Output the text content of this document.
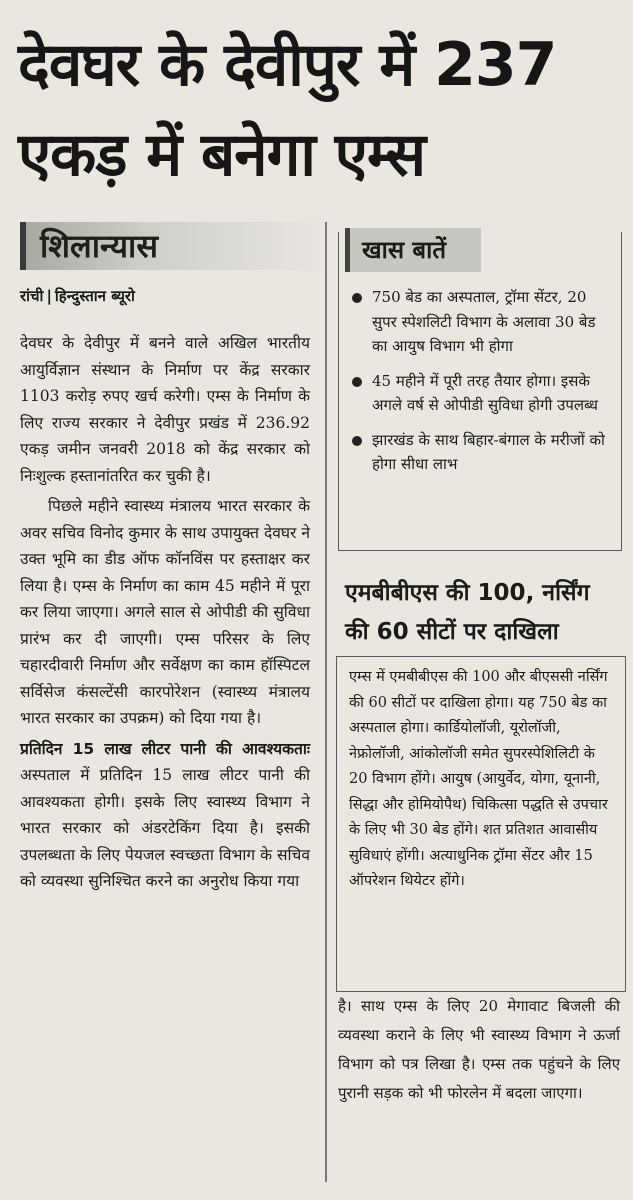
देवघर के देवीपुर में 237 एकड़ में बनेगा एम्स
शिलान्यास
रांची | हिन्दुस्तान ब्यूरो

देवघर के देवीपुर में बनने वाले अखिल भारतीय आयुर्विज्ञान संस्थान के निर्माण पर केंद्र सरकार 1103 करोड़ रुपए खर्च करेगी। एम्स के निर्माण के लिए राज्य सरकार ने देवीपुर प्रखंड में 236.92 एकड़ जमीन जनवरी 2018 को केंद्र सरकार को निःशुल्क हस्तानांतरित कर चुकी है।

पिछले महीने स्वास्थ्य मंत्रालय भारत सरकार के अवर सचिव विनोद कुमार के साथ उपायुक्त देवघर ने उक्त भूमि का डीड ऑफ कॉनविंस पर हस्ताक्षर कर लिया है। एम्स के निर्माण का काम 45 महीने में पूरा कर लिया जाएगा। अगले साल से ओपीडी की सुविधा प्रारंभ कर दी जाएगी। एम्स परिसर के लिए चहारदीवारी निर्माण और सर्वेक्षण का काम हॉस्पिटल सर्विसेज कंसल्टेंसी कारपोरेशन (स्वास्थ्य मंत्रालय भारत सरकार का उपक्रम) को दिया गया है।

प्रतिदिन 15 लाख लीटर पानी की आवश्यकताः अस्पताल में प्रतिदिन 15 लाख लीटर पानी की आवश्यकता होगी। इसके लिए स्वास्थ्य विभाग ने भारत सरकार को अंडरटेकिंग दिया है। इसकी उपलब्धता के लिए पेयजल स्वच्छता विभाग के सचिव को व्यवस्था सुनिश्चित करने का अनुरोध किया गया

खास बातें
750 बेड का अस्पताल, ट्रॉमा सेंटर, 20 सुपर स्पेशलिटी विभाग के अलावा 30 बेड का आयुष विभाग भी होगा
45 महीने में पूरी तरह तैयार होगा। इसके अगले वर्ष से ओपीडी सुविधा होगी उपलब्ध
झारखंड के साथ बिहार-बंगाल के मरीजों को होगा सीधा लाभ
एमबीबीएस की 100, नर्सिंग की 60 सीटों पर दाखिला
एम्स में एमबीबीएस की 100 और बीएससी नर्सिंग की 60 सीटों पर दाखिला होगा। यह 750 बेड का अस्पताल होगा। कार्डियोलॉजी, यूरोलॉजी, नेफ्रोलॉजी, आंकोलॉजी समेत सुपरस्पेशिलिटी के 20 विभाग होंगे। आयुष (आयुर्वेद, योगा, यूनानी, सिद्धा और होमियोपैथ) चिकित्सा पद्धति से उपचार के लिए भी 30 बेड होंगे। शत प्रतिशत आवासीय सुविधाएं होंगी। अत्याधुनिक ट्रॉमा सेंटर और 15 ऑपरेशन थियेटर होंगे।
है। साथ एम्स के लिए 20 मेगावाट बिजली की व्यवस्था कराने के लिए भी स्वास्थ्य विभाग ने ऊर्जा विभाग को पत्र लिखा है। एम्स तक पहुंचने के लिए पुरानी सड़क को भी फोरलेन में बदला जाएगा।
